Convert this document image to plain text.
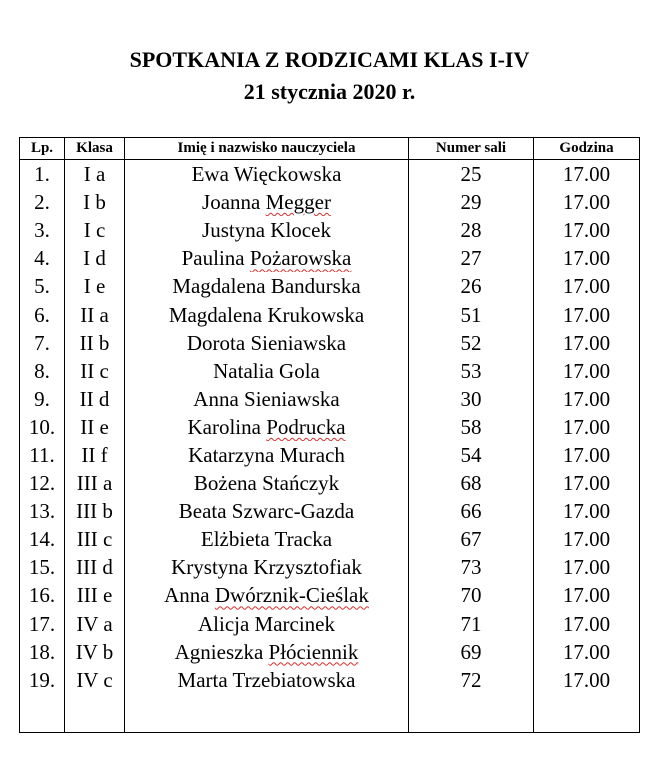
SPOTKANIA Z RODZICAMI KLAS I-IV
21 stycznia 2020 r.
Lp.	Klasa	Imię i nazwisko nauczyciela	Numer sali	Godzina
1.	I a	Ewa Więckowska	25	17.00
2.	I b	Joanna Megger	29	17.00
3.	I c	Justyna Klocek	28	17.00
4.	I d	Paulina Pożarowska	27	17.00
5.	I e	Magdalena Bandurska	26	17.00
6.	II a	Magdalena Krukowska	51	17.00
7.	II b	Dorota Sieniawska	52	17.00
8.	II c	Natalia Gola	53	17.00
9.	II d	Anna Sieniawska	30	17.00
10.	II e	Karolina Podrucka	58	17.00
11.	II f	Katarzyna Murach	54	17.00
12.	III a	Bożena Stańczyk	68	17.00
13.	III b	Beata Szwarc-Gazda	66	17.00
14.	III c	Elżbieta Tracka	67	17.00
15.	III d	Krystyna Krzysztofiak	73	17.00
16.	III e	Anna Dwórznik-Cieślak	70	17.00
17.	IV a	Alicja Marcinek	71	17.00
18.	IV b	Agnieszka Płóciennik	69	17.00
19.	IV c	Marta Trzebiatowska	72	17.00
